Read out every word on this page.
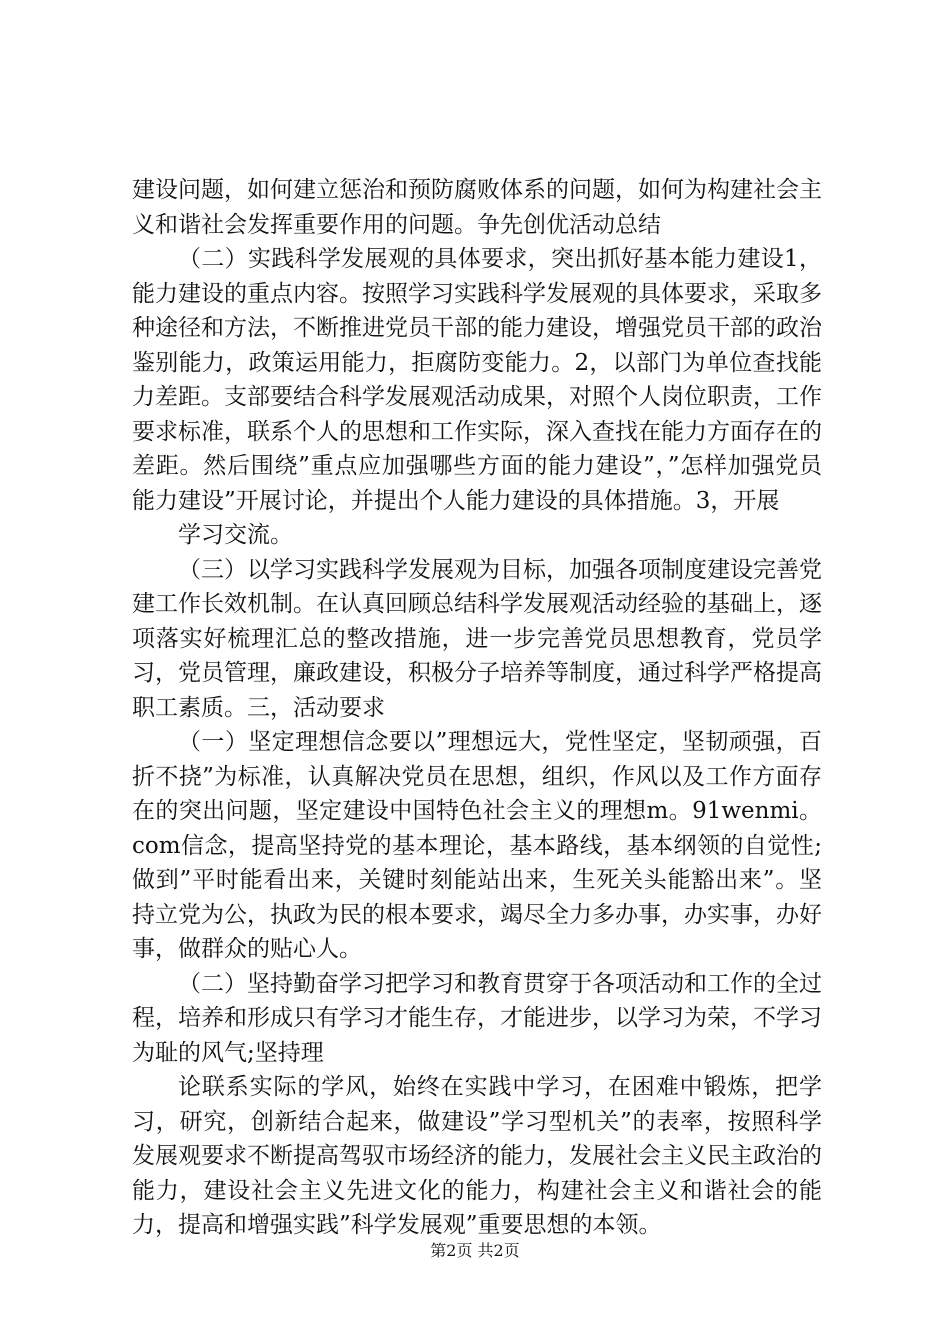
建设问题，如何建立惩治和预防腐败体系的问题，如何为构建社会主义和谐社会发挥重要作用的问题。争先创优活动总结

（二）实践科学发展观的具体要求，突出抓好基本能力建设1，能力建设的重点内容。按照学习实践科学发展观的具体要求，采取多种途径和方法，不断推进党员干部的能力建设，增强党员干部的政治鉴别能力，政策运用能力，拒腐防变能力。2，以部门为单位查找能力差距。支部要结合科学发展观活动成果，对照个人岗位职责，工作要求标准，联系个人的思想和工作实际，深入查找在能力方面存在的差距。然后围绕”重点应加强哪些方面的能力建设”，”怎样加强党员能力建设”开展讨论，并提出个人能力建设的具体措施。3，开展

学习交流。

（三）以学习实践科学发展观为目标，加强各项制度建设完善党建工作长效机制。在认真回顾总结科学发展观活动经验的基础上，逐项落实好梳理汇总的整改措施，进一步完善党员思想教育，党员学习，党员管理，廉政建设，积极分子培养等制度，通过科学严格提高职工素质。三，活动要求

（一）坚定理想信念要以”理想远大，党性坚定，坚韧顽强，百折不挠”为标准，认真解决党员在思想，组织，作风以及工作方面存在的突出问题，坚定建设中国特色社会主义的理想m。91wenmi。com信念，提高坚持党的基本理论，基本路线，基本纲领的自觉性;做到”平时能看出来，关键时刻能站出来，生死关头能豁出来”。坚持立党为公，执政为民的根本要求，竭尽全力多办事，办实事，办好事，做群众的贴心人。

（二）坚持勤奋学习把学习和教育贯穿于各项活动和工作的全过程，培养和形成只有学习才能生存，才能进步，以学习为荣，不学习为耻的风气;坚持理

论联系实际的学风，始终在实践中学习，在困难中锻炼，把学习，研究，创新结合起来，做建设”学习型机关”的表率，按照科学发展观要求不断提高驾驭市场经济的能力，发展社会主义民主政治的能力，建设社会主义先进文化的能力，构建社会主义和谐社会的能力，提高和增强实践”科学发展观”重要思想的本领。

第2页 共2页
